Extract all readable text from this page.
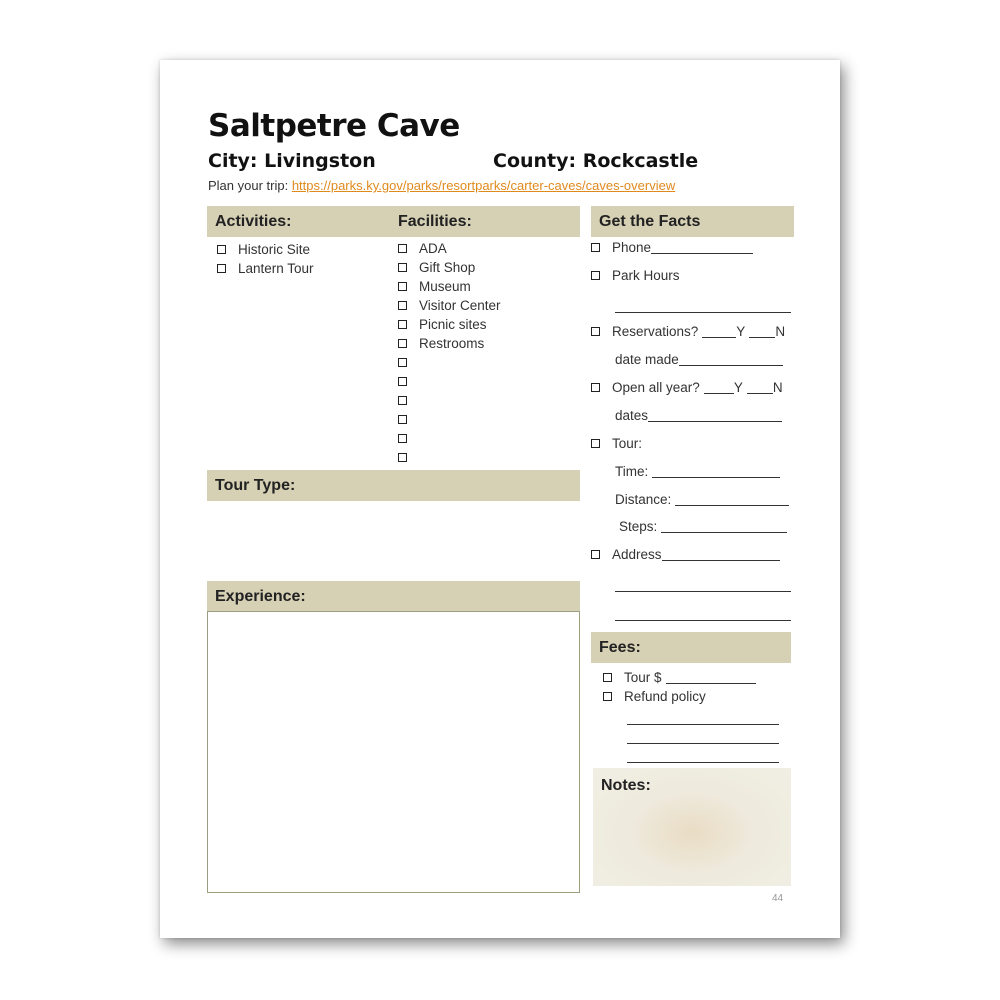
Saltpetre Cave
City: Livingston	County: Rockcastle
Plan your trip: https://parks.ky.gov/parks/resortparks/carter-caves/caves-overview
Activities:	Facilities:
Historic Site
Lantern Tour
ADA
Gift Shop
Museum
Visitor Center
Picnic sites
Restrooms
Tour Type:
Experience:
Get the Facts
Phone
Park Hours
Reservations?	Y N
date made
Open all year?	Y N
dates
Tour:
Time:
Distance:
Steps:
Address
Fees:
Tour $
Refund policy
Notes:
44
